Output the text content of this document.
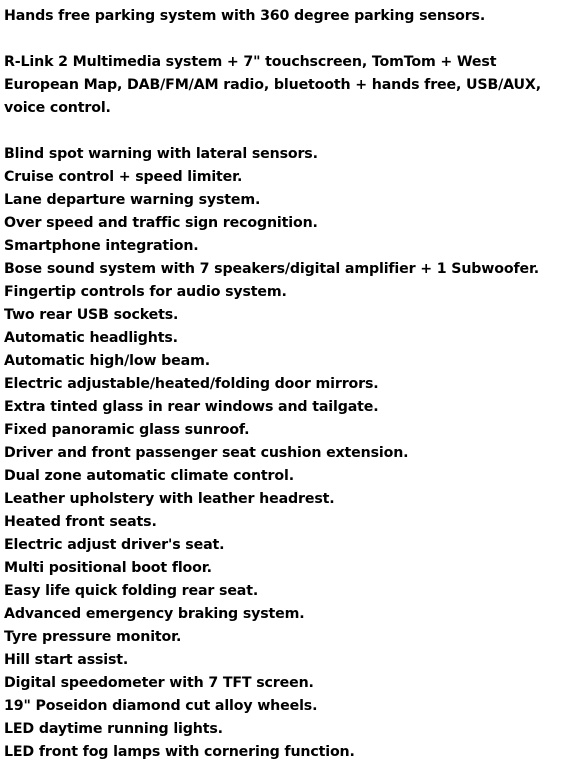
Hands free parking system with 360 degree parking sensors.
R-Link 2 Multimedia system + 7" touchscreen, TomTom + West
European Map, DAB/FM/AM radio, bluetooth + hands free, USB/AUX,
voice control.
Blind spot warning with lateral sensors.
Cruise control + speed limiter.
Lane departure warning system.
Over speed and traffic sign recognition.
Smartphone integration.
Bose sound system with 7 speakers/digital amplifier + 1 Subwoofer.
Fingertip controls for audio system.
Two rear USB sockets.
Automatic headlights.
Automatic high/low beam.
Electric adjustable/heated/folding door mirrors.
Extra tinted glass in rear windows and tailgate.
Fixed panoramic glass sunroof.
Driver and front passenger seat cushion extension.
Dual zone automatic climate control.
Leather upholstery with leather headrest.
Heated front seats.
Electric adjust driver's seat.
Multi positional boot floor.
Easy life quick folding rear seat.
Advanced emergency braking system.
Tyre pressure monitor.
Hill start assist.
Digital speedometer with 7 TFT screen.
19" Poseidon diamond cut alloy wheels.
LED daytime running lights.
LED front fog lamps with cornering function.
